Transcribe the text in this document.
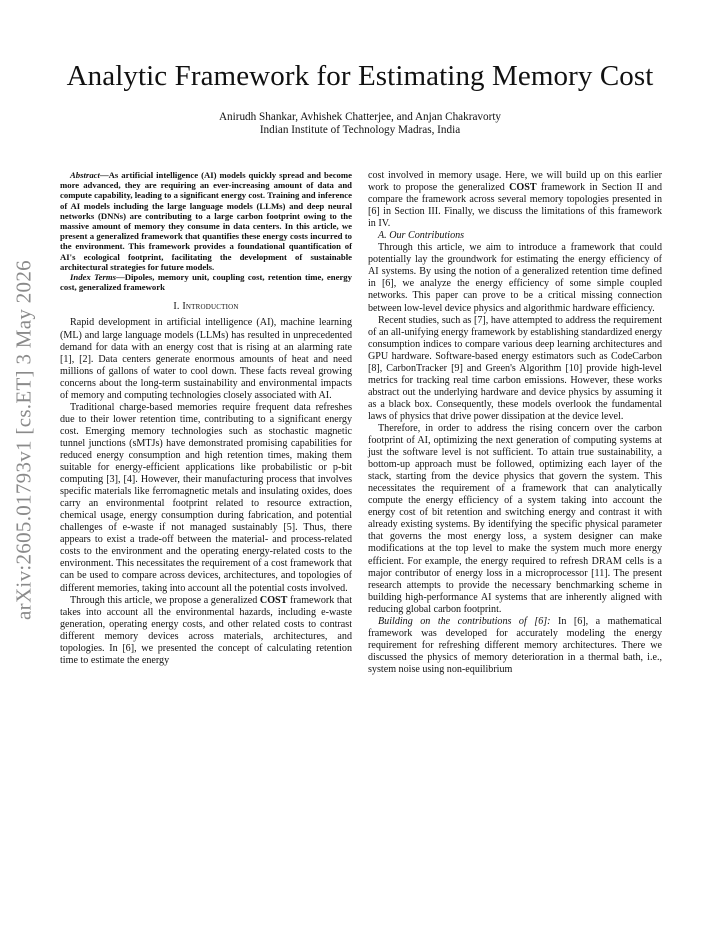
arXiv:2605.01793v1 [cs.ET] 3 May 2026
Analytic Framework for Estimating Memory Cost
Anirudh Shankar, Avhishek Chatterjee, and Anjan Chakravorty
Indian Institute of Technology Madras, India

Abstract—As artificial intelligence (AI) models quickly spread and become more advanced, they are requiring an ever-increasing amount of data and compute capability, leading to a significant energy cost. Training and inference of AI models including the large language models (LLMs) and deep neural networks (DNNs) are contributing to a large carbon footprint owing to the massive amount of memory they consume in data centers. In this article, we present a generalized framework that quantifies these energy costs incurred to the environment. This framework provides a foundational quantification of AI's ecological footprint, facilitating the development of sustainable architectural strategies for future models.

Index Terms—Dipoles, memory unit, coupling cost, retention time, energy cost, generalized framework

I. Introduction

Rapid development in artificial intelligence (AI), machine learning (ML) and large language models (LLMs) has resulted in unprecedented demand for data with an energy cost that is rising at an alarming rate [1], [2]. Data centers generate enormous amounts of heat and need millions of gallons of water to cool down. These facts reveal growing concerns about the long-term sustainability and environmental impacts of memory and computing technologies closely associated with AI.

Traditional charge-based memories require frequent data refreshes due to their lower retention time, contributing to a significant energy cost. Emerging memory technologies such as stochastic magnetic tunnel junctions (sMTJs) have demonstrated promising capabilities for reduced energy consumption and high retention times, making them suitable for energy-efficient applications like probabilistic or p-bit computing [3], [4]. However, their manufacturing process that involves specific materials like ferromagnetic metals and insulating oxides, does carry an environmental footprint related to resource extraction, chemical usage, energy consumption during fabrication, and potential challenges of e-waste if not managed sustainably [5]. Thus, there appears to exist a trade-off between the material- and process-related costs to the environment and the operating energy-related costs to the environment. This necessitates the requirement of a cost framework that can be used to compare across devices, architectures, and topologies of different memories, taking into account all the potential costs involved.

Through this article, we propose a generalized COST framework that takes into account all the environmental hazards, including e-waste generation, operating energy costs, and other related costs to contrast different memory devices across materials, architectures, and topologies. In [6], we presented the concept of calculating retention time to estimate the energy

cost involved in memory usage. Here, we will build up on this earlier work to propose the generalized COST framework in Section II and compare the framework across several memory topologies presented in [6] in Section III. Finally, we discuss the limitations of this framework in IV.

A. Our Contributions

Through this article, we aim to introduce a framework that could potentially lay the groundwork for estimating the energy efficiency of AI systems. By using the notion of a generalized retention time defined in [6], we analyze the energy efficiency of some simple coupled networks. This paper can prove to be a critical missing connection between low-level device physics and algorithmic hardware efficiency.

Recent studies, such as [7], have attempted to address the requirement of an all-unifying energy framework by establishing standardized energy consumption indices to compare various deep learning architectures and GPU hardware. Software-based energy estimators such as CodeCarbon [8], CarbonTracker [9] and Green's Algorithm [10] provide high-level metrics for tracking real time carbon emissions. However, these works abstract out the underlying hardware and device physics by assuming it as a black box. Consequently, these models overlook the fundamental laws of physics that drive power dissipation at the device level.

Therefore, in order to address the rising concern over the carbon footprint of AI, optimizing the next generation of computing systems at just the software level is not sufficient. To attain true sustainability, a bottom-up approach must be followed, optimizing each layer of the stack, starting from the device physics that govern the system. This necessitates the requirement of a framework that can analytically compute the energy efficiency of a system taking into account the energy cost of bit retention and switching energy and contrast it with already existing systems. By identifying the specific physical parameter that governs the most energy loss, a system designer can make modifications at the top level to make the system much more energy efficient. For example, the energy required to refresh DRAM cells is a major contributor of energy loss in a microprocessor [11]. The present research attempts to provide the necessary benchmarking scheme in building high-performance AI systems that are inherently aligned with reducing global carbon footprint.

Building on the contributions of [6]: In [6], a mathematical framework was developed for accurately modeling the energy requirement for refreshing different memory architectures. There we discussed the physics of memory deterioration in a thermal bath, i.e., system noise using non-equilibrium
